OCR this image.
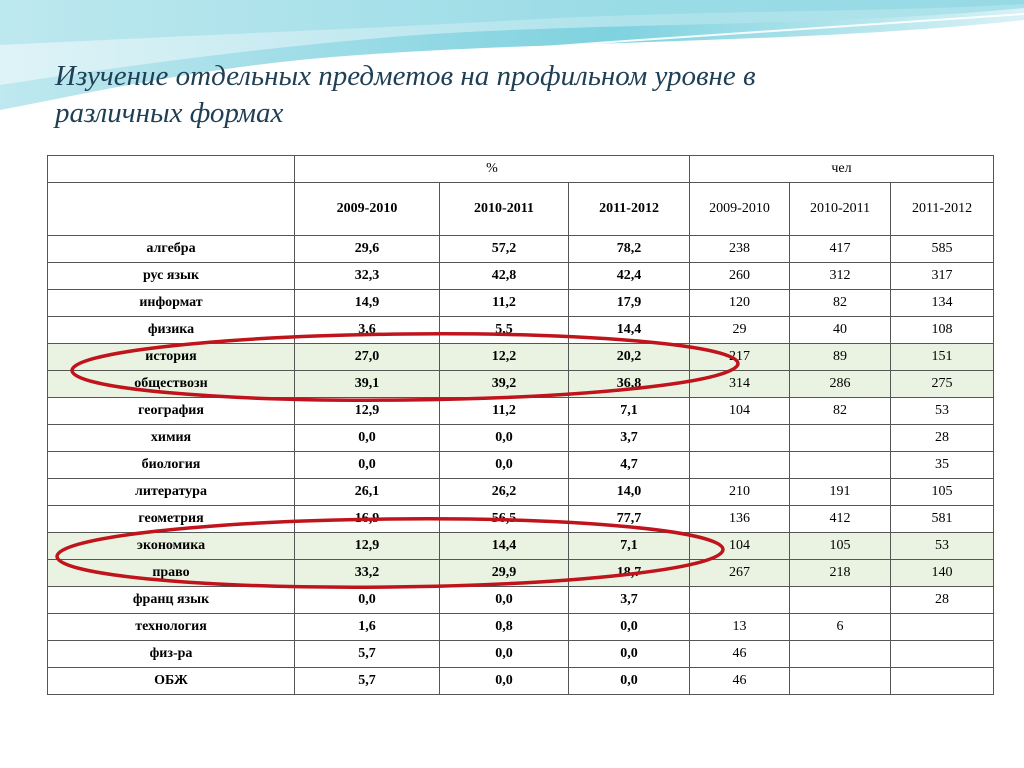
Изучение отдельных предметов на профильном уровне в
различных формах
	%			чел		
	2009-2010	2010-2011	2011-2012	2009-2010	2010-2011	2011-2012
алгебра	29,6	57,2	78,2	238	417	585
рус язык	32,3	42,8	42,4	260	312	317
информат	14,9	11,2	17,9	120	82	134
физика	3,6	5,5	14,4	29	40	108
история	27,0	12,2	20,2	217	89	151
обществозн	39,1	39,2	36,8	314	286	275
география	12,9	11,2	7,1	104	82	53
химия	0,0	0,0	3,7			28
биология	0,0	0,0	4,7			35
литература	26,1	26,2	14,0	210	191	105
геометрия	16,9	56,5	77,7	136	412	581
экономика	12,9	14,4	7,1	104	105	53
право	33,2	29,9	18,7	267	218	140
франц язык	0,0	0,0	3,7			28
технология	1,6	0,8	0,0	13	6	
физ-ра	5,7	0,0	0,0	46		
ОБЖ	5,7	0,0	0,0	46		
